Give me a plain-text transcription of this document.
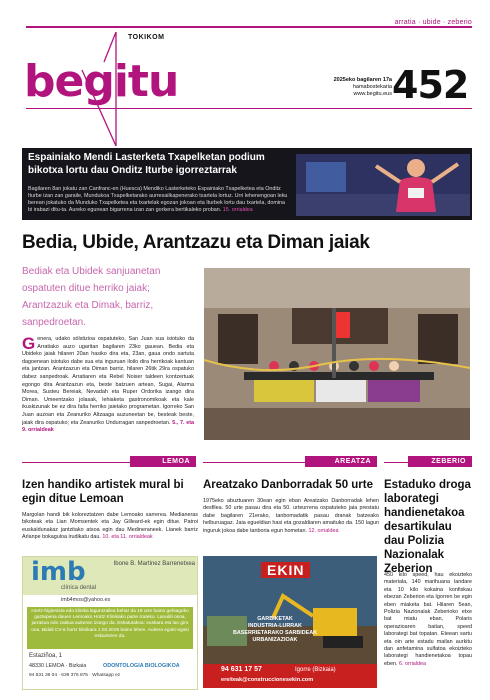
arratia · ubide · zeberio
TOKIKOM
begitu	2025eko bagilaren 17a
hamabostekaria
www.begitu.eus 452
Espainiako Mendi Lasterketa Txapelketan podium bikotxa lortu dau Onditz Iturbe igorreztarrak
Bagilaren 8an jokatu zan Canfranc-en (Huesca) Mendiko Lasterketeko Espainiako Txapelketea eta Onditz Iturbe izan zan garaile, Mundukoa Txapelketarako aurresailkapenerako txartela lortuz. Urri lehenengoan leku berean jokatuko da Munduko Txapelketea eta txartelak egozan jokoan eta Iturbek lortu dau txartela, domina bi irabazi ditu-ta. Aureko egunean bigarrena izan zan gorkera bertikaleko proban. 15. orrialdea
Bedia, Ubide, Arantzazu eta Diman jaiak
Bediak eta Ubidek sanjuanetan ospatuten ditue herriko jaiak; Arantzazuk eta Dimak, barriz, sanpedroetan.
Genera, udako sólstizioa ospatuteko, San Juan sua isiotuko da Arratiako auzo ugaritan bagilaren 23ko gauean. Bedia eta Ubideko jaiak hilaren 20an hasiko dira eta, 23an, gaua ondo sartuta dagoenean isiotuko dabe sua eta inguruan iloilo dira herrikoak kantuan eta jantzan. Arantzazun eta Diman barriz, hilaren 26tik 29ra ospatuko dabez sanpedroak. Arratiaren eta Rebel Noiser taldeen kontzertuak egongo dira Arantzazun eta, beste batzuen artean, Sugai, Alarma Morea, Susteu Bereiak, Nevadah eta Ruper Ordorika izango dira Diman. Umeentzako jolasak, lehiaketa gastronomikoak eta kale ikuskizunak be ez dira falta herriko jaietako programetan. Igorreko San Juan auzoan eta Zeanuriko Altzaaga auzuneetan be, besteak beste, jaiak dira ospatuko; eta Zeanuriko Undurragan sanpedroetan. 5., 7. eta 9. orrialdeak
LEMOA
Izen handiko artistek mural bi egin ditue Lemoan
Margolan handi bik koloreztatzen dabe Lemoako sarrerea. Medianeras bikoteak eta Lian Momsentek eta Jay Gilleard-ek egin ditue. Patroi euskaldunakaz jantzitako atsoa egin dau Medineraneek. Lianek barriz Arlanpe bokaguloa irudikatu dau. 10. eta 11. orrialdeak
AREATZA
Areatzako Danborradak 50 urte
1975eko abuztuaren 30ean egin eban Areatzako Danborradak lehen desfilea. 50 urte pasau dira eta 50. urteurrena ospatuteko jaia prestatu dabe bagilaren 21erako, tanbomadatik pasau dranak batzeako helburuagaz. Jaia egueldian hasi eta gozaldiaren amaituko da. 150 lagun inguruk jokoa dabe tanboria egun hometan. 12. orrialdea
ZEBERIO
Estaduko droga laborategi handienetakoa desartikulau dau Polizia Nazionalak Zeberion
450 kilo speed, hau ekoizteko materiala, 140 marihuana landare eta 10 kilo kokaina konfiskau ebezan Zeberion eta Igorren be egin eben miaketa bat. Hilaren 5ean, Polizia Nazionalak Zeberioko etxe bat miatu eban, Polaris operazioaren baitan, speed laborategi bat topatan. Eteean sartu eta oin arte estadu mailan aurkitu dan anfetamina sulfatoa ekoizteko laborategi handienetakoa topau eben. 6. orrialdea
imb
clínica dental
Ibone B. Martinez Barrenetxea
imb4mos@yahoo.es
Hortz-higienista edo klinika laguntzailea behar da 18 urte baino gehiagoko gaztepena dauen Lemoako Hortz Klinikako parte izateko. Lanaldi osoa, jarraitua edo zatitua aukeran izango da. Eskatutakoa: euskara eta lan giro ona. Bidali CV-a hortz klinikara 1.03.2025 baino lehen. Aukera egoki-egoki eskaintzen da.
Estaziñoa, 1
48330 LEMOA · Bizkaia
94 631 36 04 · 639 376 875 · Whatsapp ez
ODONTOLOGIA BIOLOGIKOA
EKIN
GARBIKETAK
INDUSTRIA-LURRAK
BASERRIETARAKO SARBIDEAK
URBANIZAZIOAK
94 631 17 57	Igorre (Bizkaia)
ereiteak@construccionesekin.com
